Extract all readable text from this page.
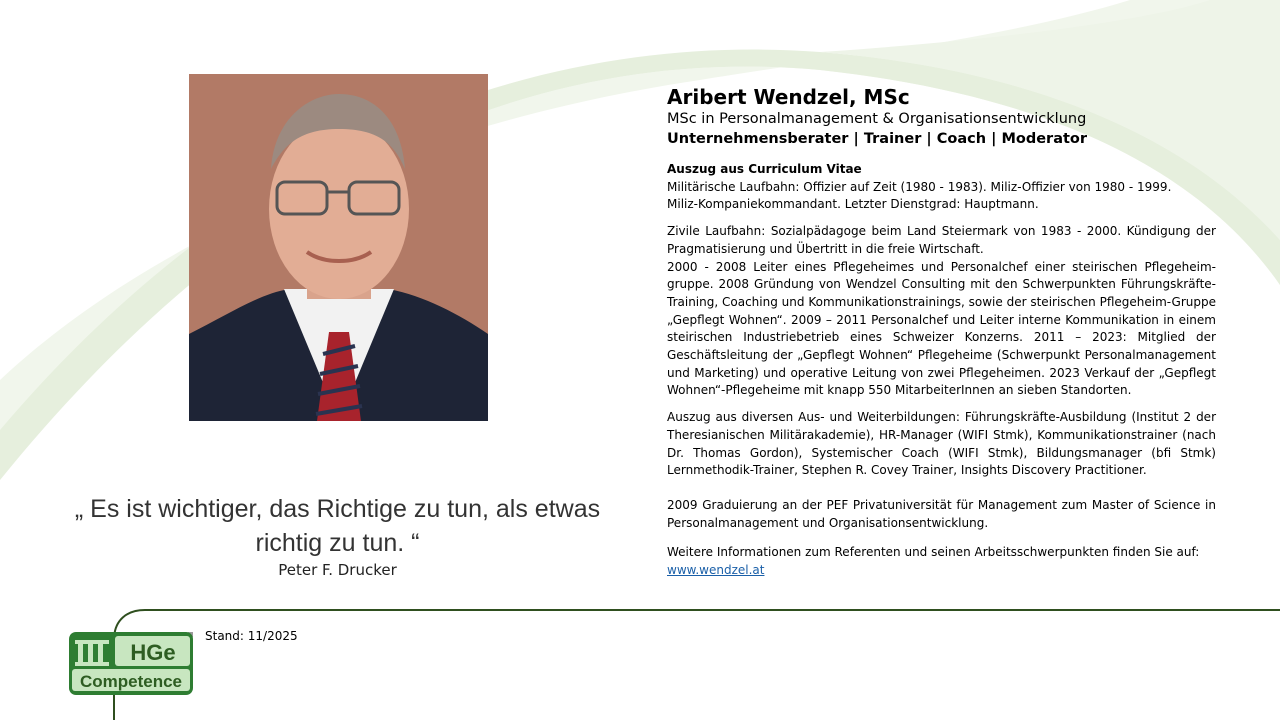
„ Es ist wichtiger, das Richtige zu tun, als etwas richtig zu tun. “
Peter F. Drucker
Aribert Wendzel, MSc
MSc in Personalmanagement & Organisationsentwicklung
Unternehmensberater | Trainer | Coach | Moderator

Auszug aus Curriculum Vitae

Militärische Laufbahn: Offizier auf Zeit (1980 - 1983). Miliz-Offizier von 1980 - 1999.

Miliz-Kompaniekommandant. Letzter Dienstgrad: Hauptmann.

Zivile Laufbahn: Sozialpädagoge beim Land Steiermark von 1983 - 2000. Kündigung der Pragmatisierung und Übertritt in die freie Wirtschaft.

2000 - 2008 Leiter eines Pflegeheimes und Personalchef einer steirischen Pflegeheim-gruppe. 2008 Gründung von Wendzel Consulting mit den Schwerpunkten Führungskräfte-Training, Coaching und Kommunikationstrainings, sowie der steirischen Pflegeheim-Gruppe „Gepflegt Wohnen“. 2009 – 2011 Personalchef und Leiter interne Kommunikation in einem steirischen Industriebetrieb eines Schweizer Konzerns. 2011 – 2023: Mitglied der Geschäftsleitung der „Gepflegt Wohnen“ Pflegeheime (Schwerpunkt Personalmanagement und Marketing) und operative Leitung von zwei Pflegeheimen. 2023 Verkauf der „Gepflegt Wohnen“-Pflegeheime mit knapp 550 MitarbeiterInnen an sieben Standorten.

Auszug aus diversen Aus- und Weiterbildungen: Führungskräfte-Ausbildung (Institut 2 der Theresianischen Militärakademie), HR-Manager (WIFI Stmk), Kommunikationstrainer (nach Dr. Thomas Gordon), Systemischer Coach (WIFI Stmk), Bildungsmanager (bfi Stmk) Lernmethodik-Trainer, Stephen R. Covey Trainer, Insights Discovery Practitioner.

2009 Graduierung an der PEF Privatuniversität für Management zum Master of Science in Personalmanagement und Organisationsentwicklung.

Weitere Informationen zum Referenten und seinen Arbeitsschwerpunkten finden Sie auf:

www.wendzel.at

Stand: 11/2025
HGe
Competence
